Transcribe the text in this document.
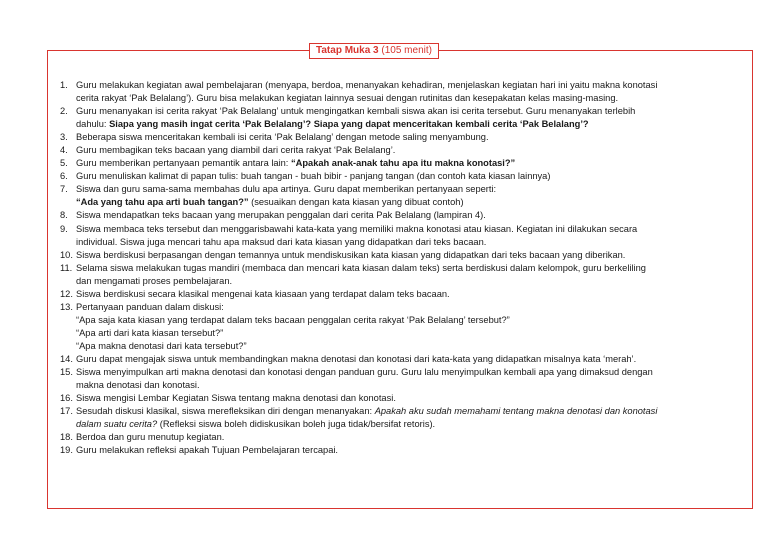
Tatap Muka 3 (105 menit)
1. Guru melakukan kegiatan awal pembelajaran (menyapa, berdoa, menanyakan kehadiran, menjelaskan kegiatan hari ini yaitu makna konotasi
cerita rakyat ‘Pak Belalang’). Guru bisa melakukan kegiatan lainnya sesuai dengan rutinitas dan kesepakatan kelas masing-masing.
2. Guru menanyakan isi cerita rakyat ‘Pak Belalang’ untuk mengingatkan kembali siswa akan isi cerita tersebut. Guru menanyakan terlebih
dahulu: Siapa yang masih ingat cerita ‘Pak Belalang’? Siapa yang dapat menceritakan kembali cerita ‘Pak Belalang’?
3. Beberapa siswa menceritakan kembali isi cerita ‘Pak Belalang’ dengan metode saling menyambung.
4. Guru membagikan teks bacaan yang diambil dari cerita rakyat ‘Pak Belalang’.
5. Guru memberikan pertanyaan pemantik antara lain: “Apakah anak-anak tahu apa itu makna konotasi?”
6. Guru menuliskan kalimat di papan tulis: buah tangan - buah bibir - panjang tangan (dan contoh kata kiasan lainnya)
7. Siswa dan guru sama-sama membahas dulu apa artinya. Guru dapat memberikan pertanyaan seperti:
“Ada yang tahu apa arti buah tangan?” (sesuaikan dengan kata kiasan yang dibuat contoh)
8. Siswa mendapatkan teks bacaan yang merupakan penggalan dari cerita Pak Belalang (lampiran 4).
9. Siswa membaca teks tersebut dan menggarisbawahi kata-kata yang memiliki makna konotasi atau kiasan. Kegiatan ini dilakukan secara
individual. Siswa juga mencari tahu apa maksud dari kata kiasan yang didapatkan dari teks bacaan.
10. Siswa berdiskusi berpasangan dengan temannya untuk mendiskusikan kata kiasan yang didapatkan dari teks bacaan yang diberikan.
11. Selama siswa melakukan tugas mandiri (membaca dan mencari kata kiasan dalam teks) serta berdiskusi dalam kelompok, guru berkeliling
dan mengamati proses pembelajaran.
12. Siswa berdiskusi secara klasikal mengenai kata kiasaan yang terdapat dalam teks bacaan.
13. Pertanyaan panduan dalam diskusi:
“Apa saja kata kiasan yang terdapat dalam teks bacaan penggalan cerita rakyat ‘Pak Belalang’ tersebut?”
“Apa arti dari kata kiasan tersebut?”
“Apa makna denotasi dari kata tersebut?”
14. Guru dapat mengajak siswa untuk membandingkan makna denotasi dan konotasi dari kata-kata yang didapatkan misalnya kata ‘merah’.
15. Siswa menyimpulkan arti makna denotasi dan konotasi dengan panduan guru. Guru lalu menyimpulkan kembali apa yang dimaksud dengan
makna denotasi dan konotasi.
16. Siswa mengisi Lembar Kegiatan Siswa tentang makna denotasi dan konotasi.
17. Sesudah diskusi klasikal, siswa merefleksikan diri dengan menanyakan: Apakah aku sudah memahami tentang makna denotasi dan konotasi
dalam suatu cerita? (Refleksi siswa boleh didiskusikan boleh juga tidak/bersifat retoris).
18. Berdoa dan guru menutup kegiatan.
19. Guru melakukan refleksi apakah Tujuan Pembelajaran tercapai.
